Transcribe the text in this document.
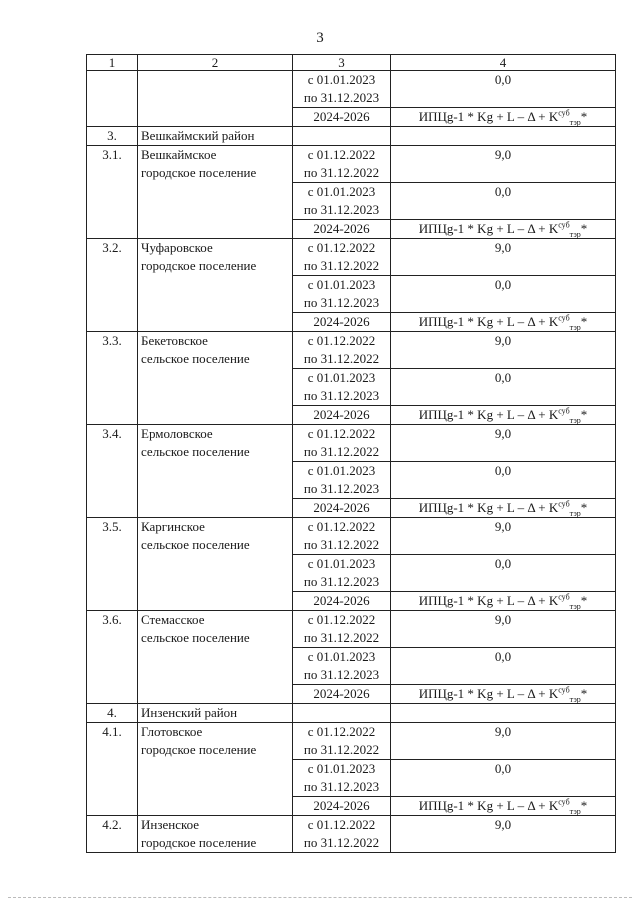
3
1	2	3	4
		с 01.01.2023
по 31.12.2023	0,0
		2024-2026	ИПЦg-1 * $Kg + L - \Delta + K^{суб}_{тэр}*$
3.	Вешкаймский район		
3.1.	Вешкаймское
городское поселение	с 01.12.2022
по 31.12.2022	9,0
		с 01.01.2023
по 31.12.2023	0,0
		2024-2026	ИПЦg-1 * $Kg + L - \Delta + K^{суб}_{тэр}*$
3.2.	Чуфаровское
городское поселение	с 01.12.2022
по 31.12.2022	9,0
		с 01.01.2023
по 31.12.2023	0,0
		2024-2026	ИПЦg-1 * $Kg + L - \Delta + K^{суб}_{тэр}*$
3.3.	Бекетовское
сельское поселение	с 01.12.2022
по 31.12.2022	9,0
		с 01.01.2023
по 31.12.2023	0,0
		2024-2026	ИПЦg-1 * $Kg + L - \Delta + K^{суб}_{тэр}*$
3.4.	Ермоловское
сельское поселение	с 01.12.2022
по 31.12.2022	9,0
		с 01.01.2023
по 31.12.2023	0,0
		2024-2026	ИПЦg-1 * $Kg + L - \Delta + K^{суб}_{тэр}*$
3.5.	Каргинское
сельское поселение	с 01.12.2022
по 31.12.2022	9,0
		с 01.01.2023
по 31.12.2023	0,0
		2024-2026	ИПЦg-1 * $Kg + L - \Delta + K^{суб}_{тэр}*$
3.6.	Стемасское
сельское поселение	с 01.12.2022
по 31.12.2022	9,0
		с 01.01.2023
по 31.12.2023	0,0
		2024-2026	ИПЦg-1 * $Kg + L - \Delta + K^{суб}_{тэр}*$
4.	Инзенский район		
4.1.	Глотовское
городское поселение	с 01.12.2022
по 31.12.2022	9,0
		с 01.01.2023
по 31.12.2023	0,0
		2024-2026	ИПЦg-1 * $Kg + L - \Delta + K^{суб}_{тэр}*$
4.2.	Инзенское
городское поселение	с 01.12.2022
по 31.12.2022	9,0
